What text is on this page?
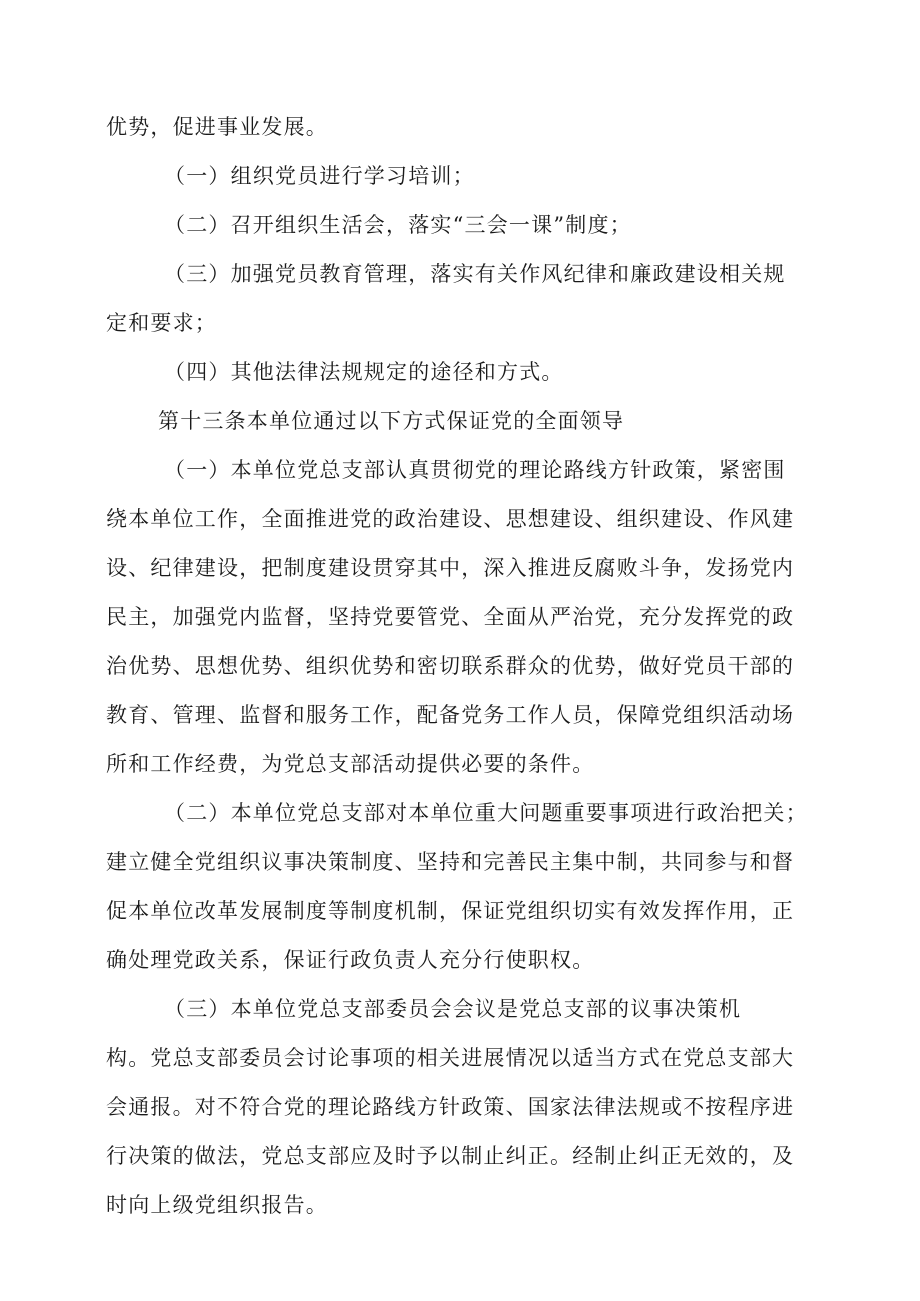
优势，促进事业发展。

（一）组织党员进行学习培训；

（二）召开组织生活会，落实“三会一课”制度；

（三）加强党员教育管理，落实有关作风纪律和廉政建设相关规

定和要求；

（四）其他法律法规规定的途径和方式。

第十三条本单位通过以下方式保证党的全面领导

（一）本单位党总支部认真贯彻党的理论路线方针政策，紧密围

绕本单位工作，全面推进党的政治建设、思想建设、组织建设、作风建

设、纪律建设，把制度建设贯穿其中，深入推进反腐败斗争，发扬党内

民主，加强党内监督，坚持党要管党、全面从严治党，充分发挥党的政

治优势、思想优势、组织优势和密切联系群众的优势，做好党员干部的

教育、管理、监督和服务工作，配备党务工作人员，保障党组织活动场

所和工作经费，为党总支部活动提供必要的条件。

（二）本单位党总支部对本单位重大问题重要事项进行政治把关；

建立健全党组织议事决策制度、坚持和完善民主集中制，共同参与和督

促本单位改革发展制度等制度机制，保证党组织切实有效发挥作用，正

确处理党政关系，保证行政负责人充分行使职权。

（三）本单位党总支部委员会会议是党总支部的议事决策机

构。党总支部委员会讨论事项的相关进展情况以适当方式在党总支部大

会通报。对不符合党的理论路线方针政策、国家法律法规或不按程序进

行决策的做法，党总支部应及时予以制止纠正。经制止纠正无效的，及

时向上级党组织报告。
